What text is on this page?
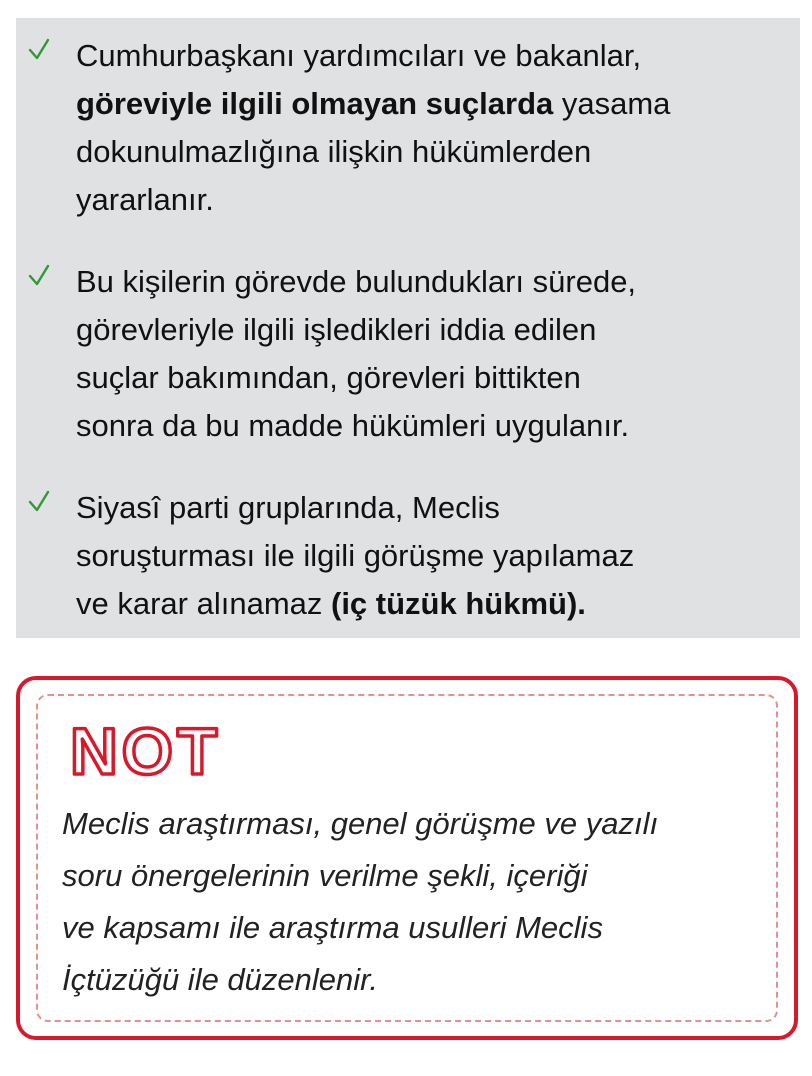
Cumhurbaşkanı yardımcıları ve bakanlar,
göreviyle ilgili olmayan suçlarda yasama
dokunulmazlığına ilişkin hükümlerden
yararlanır.
Bu kişilerin görevde bulundukları sürede,
görevleriyle ilgili işledikleri iddia edilen
suçlar bakımından, görevleri bittikten
sonra da bu madde hükümleri uygulanır.
Siyasî parti gruplarında, Meclis
soruşturması ile ilgili görüşme yapılamaz
ve karar alınamaz (iç tüzük hükmü).
NOT
Meclis araştırması, genel görüşme ve yazılı
soru önergelerinin verilme şekli, içeriği
ve kapsamı ile araştırma usulleri Meclis
İçtüzüğü ile düzenlenir.
